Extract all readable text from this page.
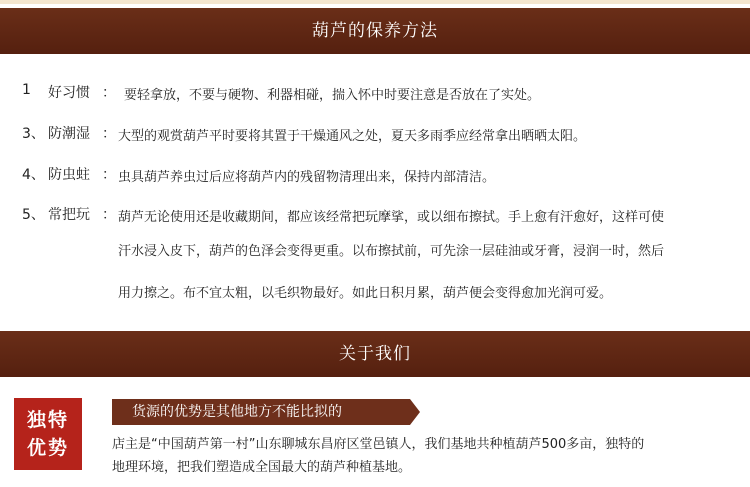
葫芦的保养方法
1 好习惯 ： 要轻拿放，不要与硬物、利器相碰，揣入怀中时要注意是否放在了实处。
3、 防潮湿 ： 大型的观赏葫芦平时要将其置于干燥通风之处，夏天多雨季应经常拿出晒晒太阳。
4、 防虫蛀 ： 虫具葫芦养虫过后应将葫芦内的残留物清理出来，保持内部清洁。
5、 常把玩 ： 葫芦无论使用还是收藏期间，都应该经常把玩摩挲，或以细布擦拭。手上愈有汗愈好，这样可使
汗水浸入皮下，葫芦的色泽会变得更重。以布擦拭前，可先涂一层硅油或牙膏，浸润一时，然后
用力擦之。布不宜太粗，以毛织物最好。如此日积月累，葫芦便会变得愈加光润可爱。
关于我们
独特
优势
货源的优势是其他地方不能比拟的
店主是“中国葫芦第一村”山东聊城东昌府区堂邑镇人，我们基地共种植葫芦500多亩，独特的
地理环境，把我们塑造成全国最大的葫芦种植基地。
